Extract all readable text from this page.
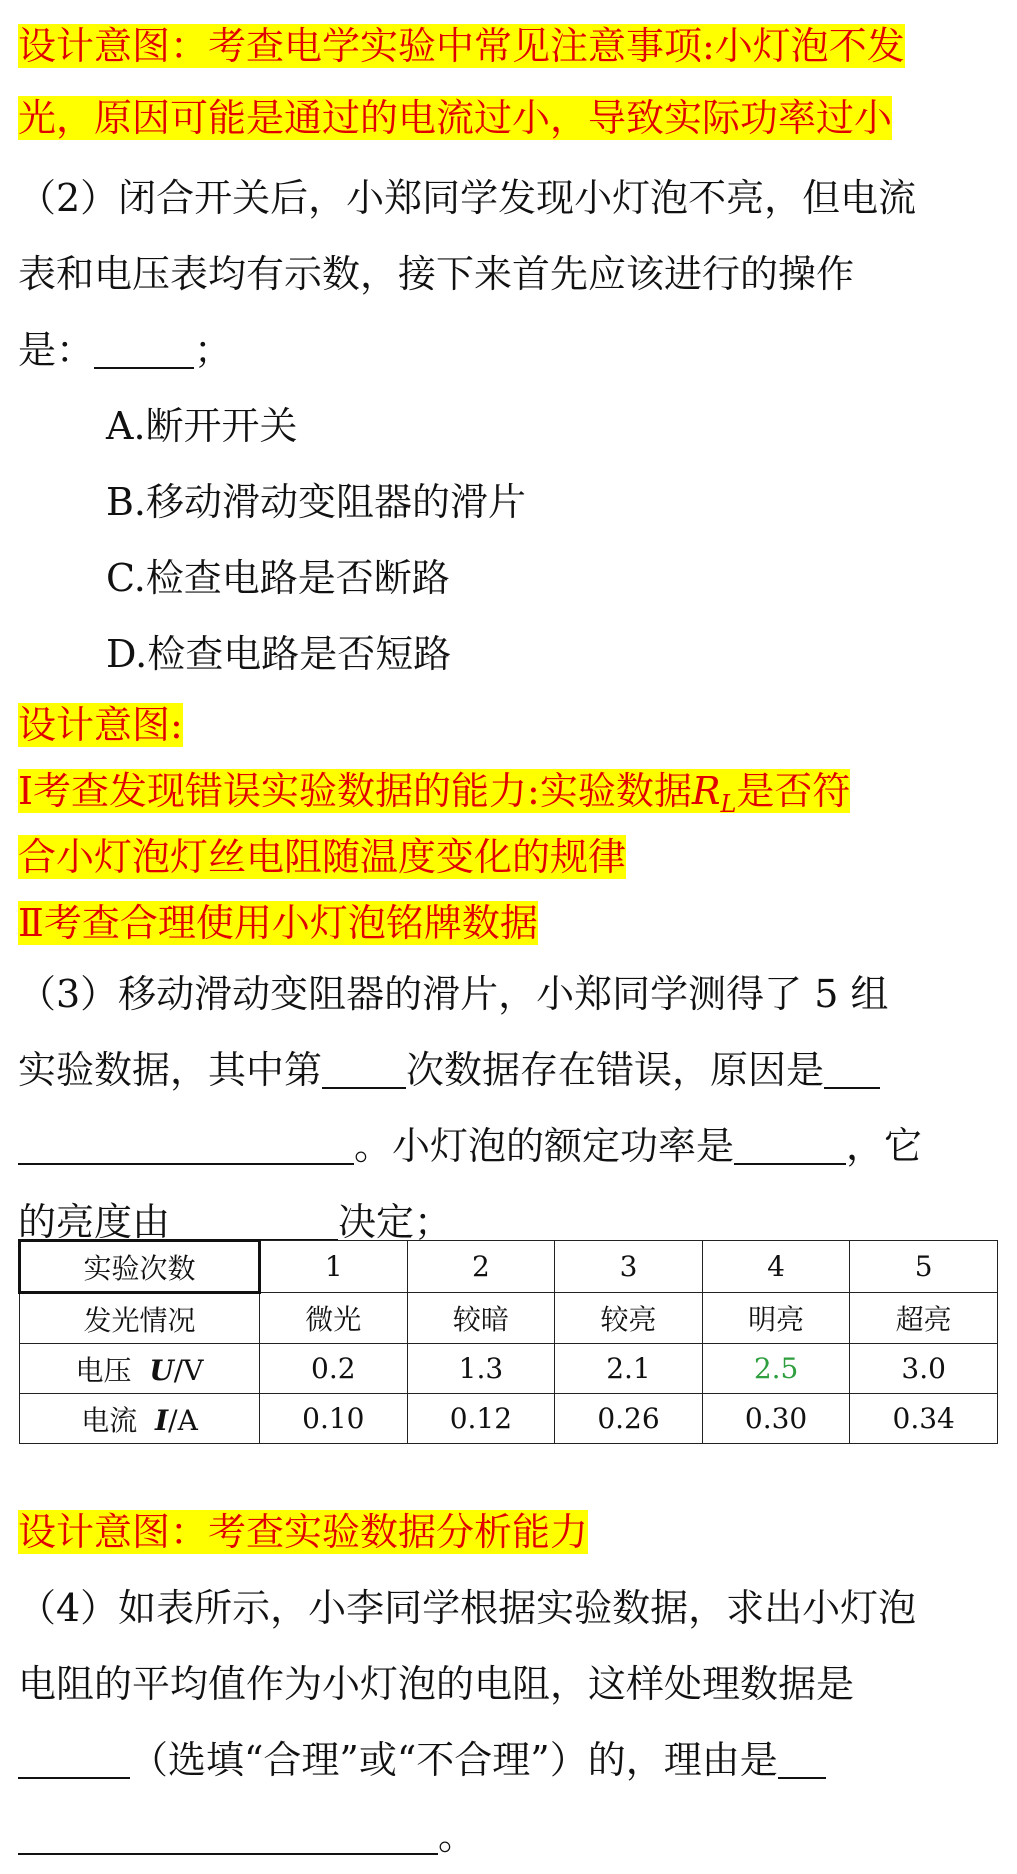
设计意图：考查电学实验中常见注意事项:小灯泡不发
光，原因可能是通过的电流过小，导致实际功率过小
（2）闭合开关后，小郑同学发现小灯泡不亮，但电流
表和电压表均有示数，接下来首先应该进行的操作
是：	；
A.断开开关
B.移动滑动变阻器的滑片
C.检查电路是否断路
D.检查电路是否短路
设计意图:
Ⅰ考查发现错误实验数据的能力:实验数据$R_L$是否符
合小灯泡灯丝电阻随温度变化的规律
Ⅱ考查合理使用小灯泡铭牌数据
（3）移动滑动变阻器的滑片，小郑同学测得了 5 组
实验数据，其中第 次数据存在错误，原因是
。小灯泡的额定功率是	，它
的亮度由	决定；
实验次数	1	2	3	4	5
发光情况	微光	较暗	较亮	明亮	超亮
电压 U/V	0.2	1.3	2.1	2.5	3.0
电流 I/A	0.10	0.12	0.26	0.30	0.34
设计意图：考查实验数据分析能力
（4）如表所示，小李同学根据实验数据，求出小灯泡
电阻的平均值作为小灯泡的电阻，这样处理数据是
（选填“合理”或“不合理”）的，理由是
。
